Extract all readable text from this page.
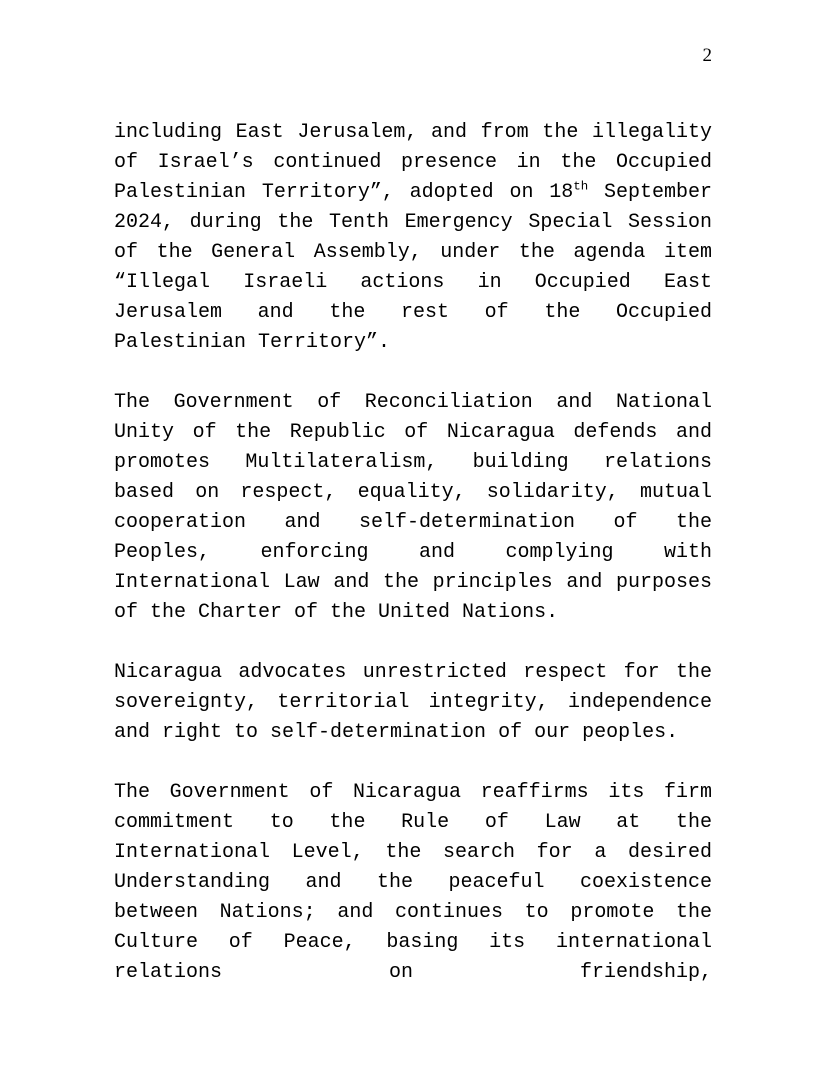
2

including East Jerusalem, and from the illegality of Israel’s continued presence in the Occupied Palestinian Territory”, adopted on 18th September 2024, during the Tenth Emergency Special Session of the General Assembly, under the agenda item “Illegal Israeli actions in Occupied East Jerusalem and the rest of the Occupied Palestinian Territory”.

The Government of Reconciliation and National Unity of the Republic of Nicaragua defends and promotes Multilateralism, building relations based on respect, equality, solidarity, mutual cooperation and self-determination of the Peoples, enforcing and complying with International Law and the principles and purposes of the Charter of the United Nations.

Nicaragua advocates unrestricted respect for the sovereignty, territorial integrity, independence and right to self-determination of our peoples.

The Government of Nicaragua reaffirms its firm commitment to the Rule of Law at the International Level, the search for a desired Understanding and the peaceful coexistence between Nations; and continues to promote the Culture of Peace, basing its international relations on friendship,
